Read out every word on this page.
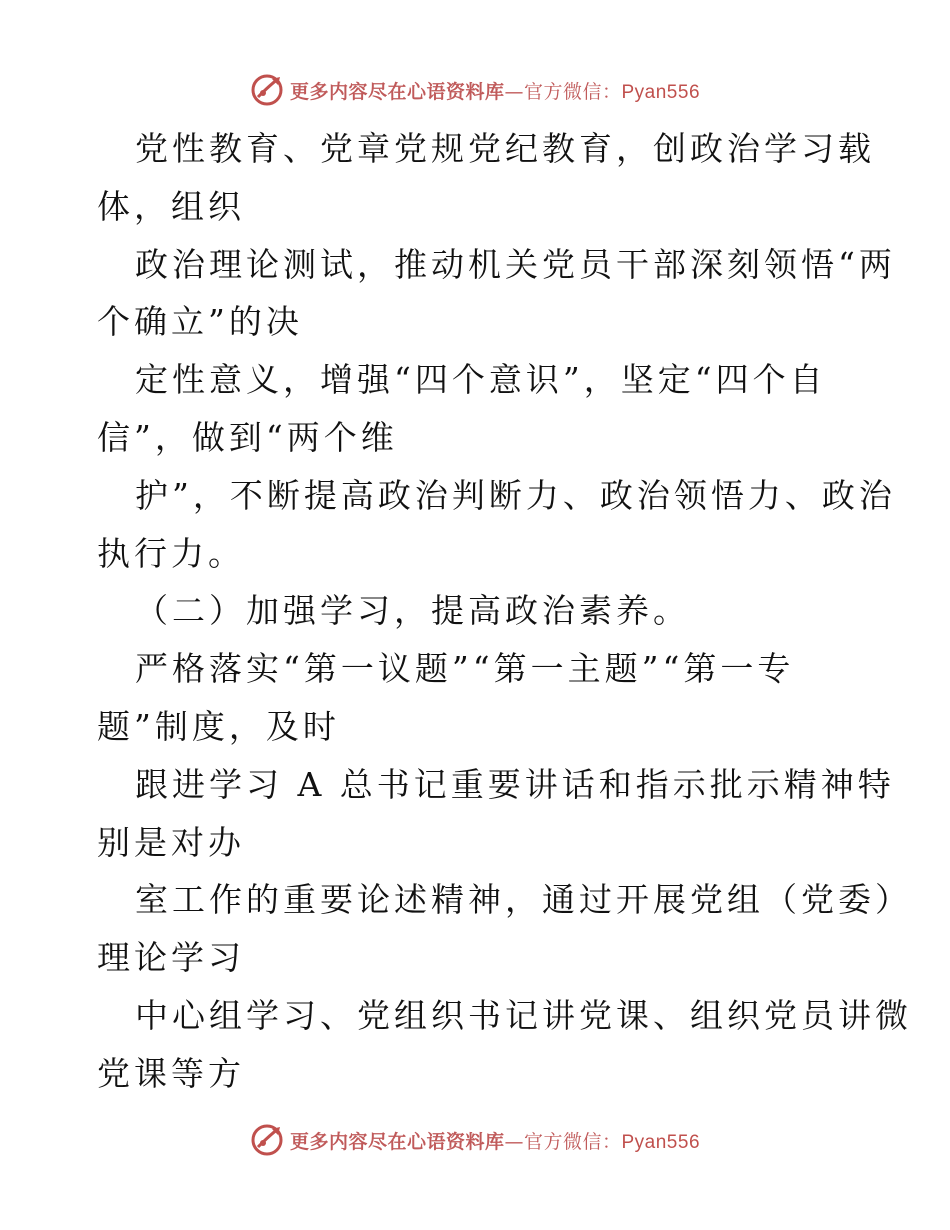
更多内容尽在心语资料库—官方微信：Pyan556
党性教育、党章党规党纪教育，创政治学习载
体，组织
政治理论测试，推动机关党员干部深刻领悟“两
个确立”的决
定性意义，增强“四个意识”，坚定“四个自
信”，做到“两个维
护”，不断提高政治判断力、政治领悟力、政治
执行力。
（二）加强学习，提高政治素养。
严格落实“第一议题”“第一主题”“第一专
题”制度，及时
跟进学习 A 总书记重要讲话和指示批示精神特
别是对办
室工作的重要论述精神，通过开展党组（党委）
理论学习
中心组学习、党组织书记讲党课、组织党员讲微
党课等方
更多内容尽在心语资料库—官方微信：Pyan556
